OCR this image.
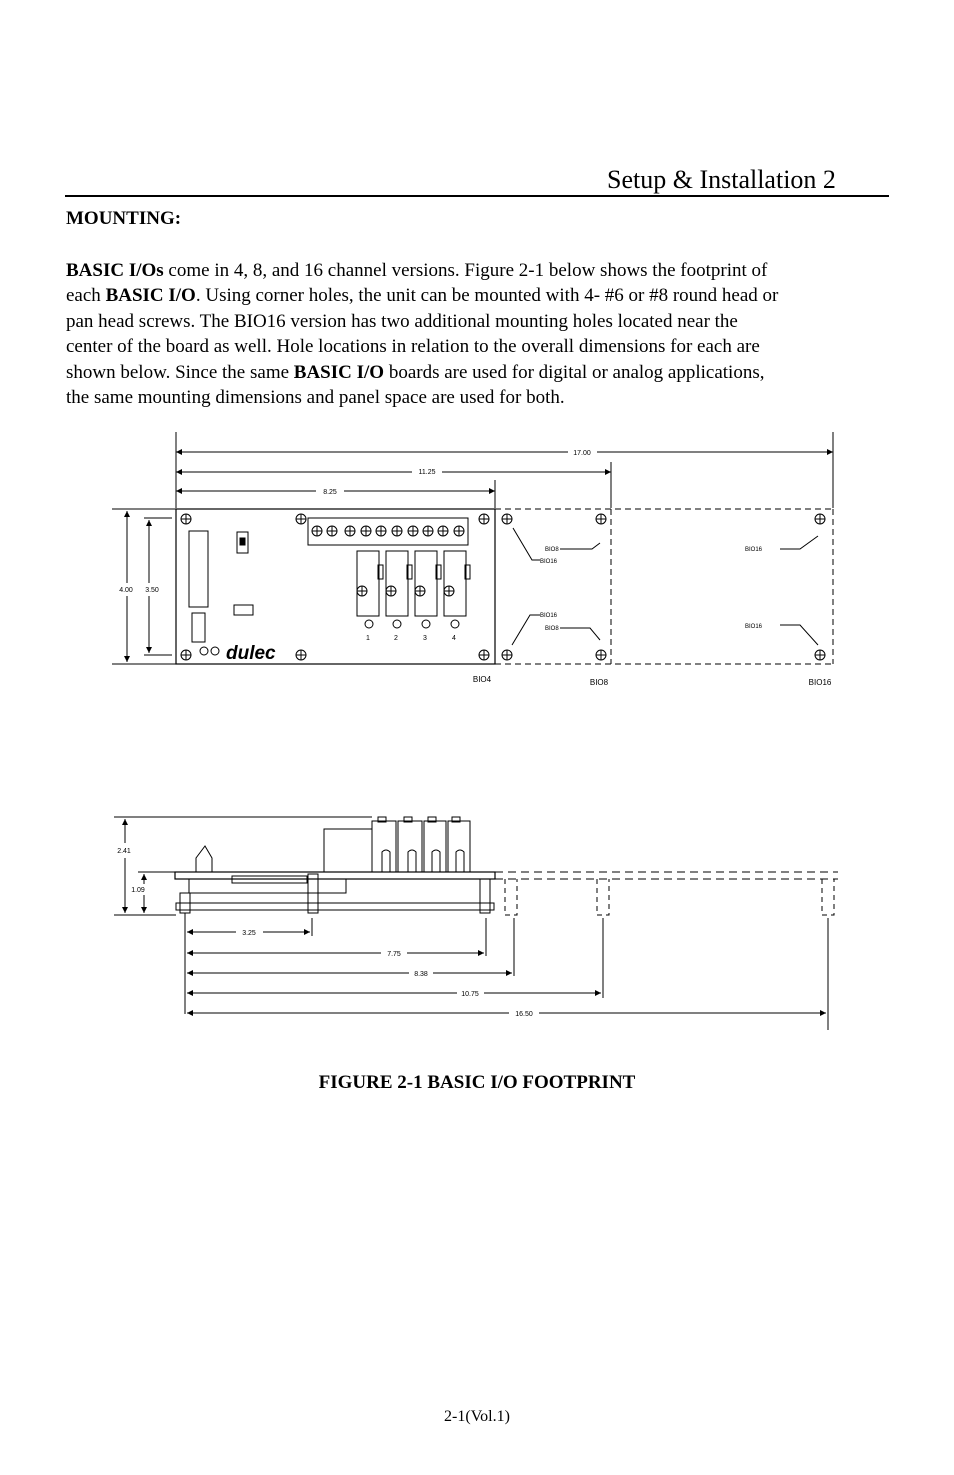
Setup & Installation 2
MOUNTING:
BASIC I/Os come in 4, 8, and 16 channel versions. Figure 2-1 below shows the footprint of
each BASIC I/O. Using corner holes, the unit can be mounted with 4- #6 or #8 round head or
pan head screws. The BIO16 version has two additional mounting holes located near the
center of the board as well. Hole locations in relation to the overall dimensions for each are
shown below. Since the same BASIC I/O boards are used for digital or analog applications,
the same mounting dimensions and panel space are used for both.
17.00
11.25
8.25
4.00 3.50
BIO8
BIO16
BIO16
BIO8
BIO16
BIO16
1	2	3	4
BIO4	BIO8	BIO16
dulec
2.41
1.09
3.25
7.75
8.38
10.75
16.50
FIGURE 2-1 BASIC I/O FOOTPRINT
2-1(Vol.1)
